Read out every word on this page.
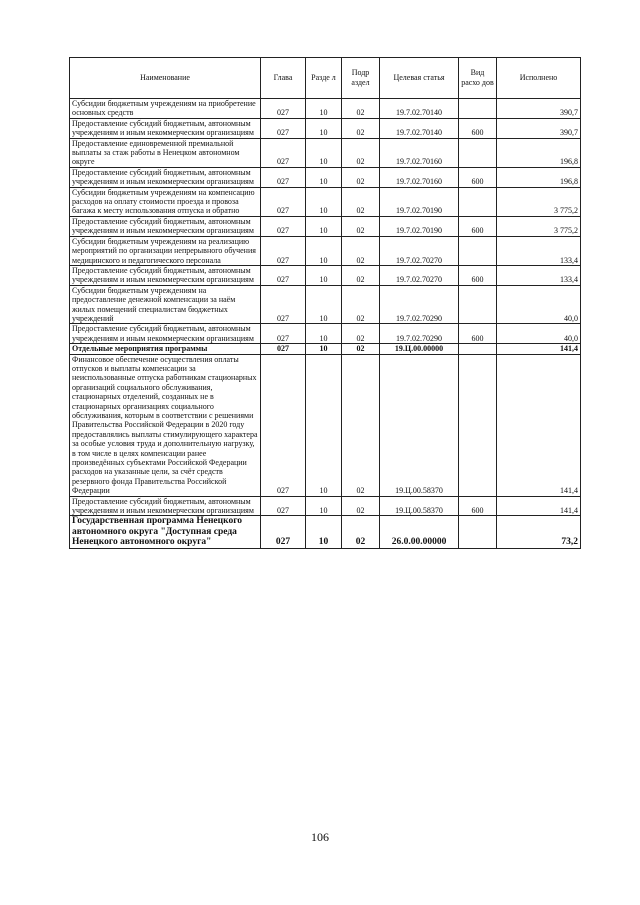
Наименование	Глава	Разде л	Подр аздел	Целевая статья	Вид расхо дов	Исполнено
Субсидии бюджетным учреждениям на приобретение основных средств	027	10	02	19.7.02.70140		390,7
Предоставление субсидий бюджетным, автономным учреждениям и иным некоммерческим организациям	027	10	02	19.7.02.70140	600	390,7
Предоставление единовременной премиальной выплаты за стаж работы в Ненецком автономном округе	027	10	02	19.7.02.70160		196,8
Предоставление субсидий бюджетным, автономным учреждениям и иным некоммерческим организациям	027	10	02	19.7.02.70160	600	196,8
Субсидии бюджетным учреждениям на компенсацию расходов на оплату стоимости проезда и провоза багажа к месту использования отпуска и обратно	027	10	02	19.7.02.70190		3 775,2
Предоставление субсидий бюджетным, автономным учреждениям и иным некоммерческим организациям	027	10	02	19.7.02.70190	600	3 775,2
Субсидии бюджетным учреждениям на реализацию мероприятий по организации непрерывного обучения медицинского и педагогического персонала	027	10	02	19.7.02.70270		133,4
Предоставление субсидий бюджетным, автономным учреждениям и иным некоммерческим организациям	027	10	02	19.7.02.70270	600	133,4
Субсидии бюджетным учреждениям на предоставление денежной компенсации за наём жилых помещений специалистам бюджетных учреждений	027	10	02	19.7.02.70290		40,0
Предоставление субсидий бюджетным, автономным учреждениям и иным некоммерческим организациям	027	10	02	19.7.02.70290	600	40,0
Отдельные мероприятия программы	027	10	02	19.Ц.00.00000		141,4
Финансовое обеспечение осуществления оплаты отпусков и выплаты компенсации за неиспользованные отпуска работникам стационарных организаций социального обслуживания, стационарных отделений, созданных не в стационарных организациях социального обслуживания, которым в соответствии с решениями Правительства Российской Федерации в 2020 году предоставлялись выплаты стимулирующего характера за особые условия труда и дополнительную нагрузку, в том числе в целях компенсации ранее произведённых субъектами Российской Федерации расходов на указанные цели, за счёт средств резервного фонда Правительства Российской Федерации	027	10	02	19.Ц.00.58370		141,4
Предоставление субсидий бюджетным, автономным учреждениям и иным некоммерческим организациям	027	10	02	19.Ц.00.58370	600	141,4
Государственная программа Ненецкого автономного округа "Доступная среда Ненецкого автономного округа"	027	10	02	26.0.00.00000		73,2
106
